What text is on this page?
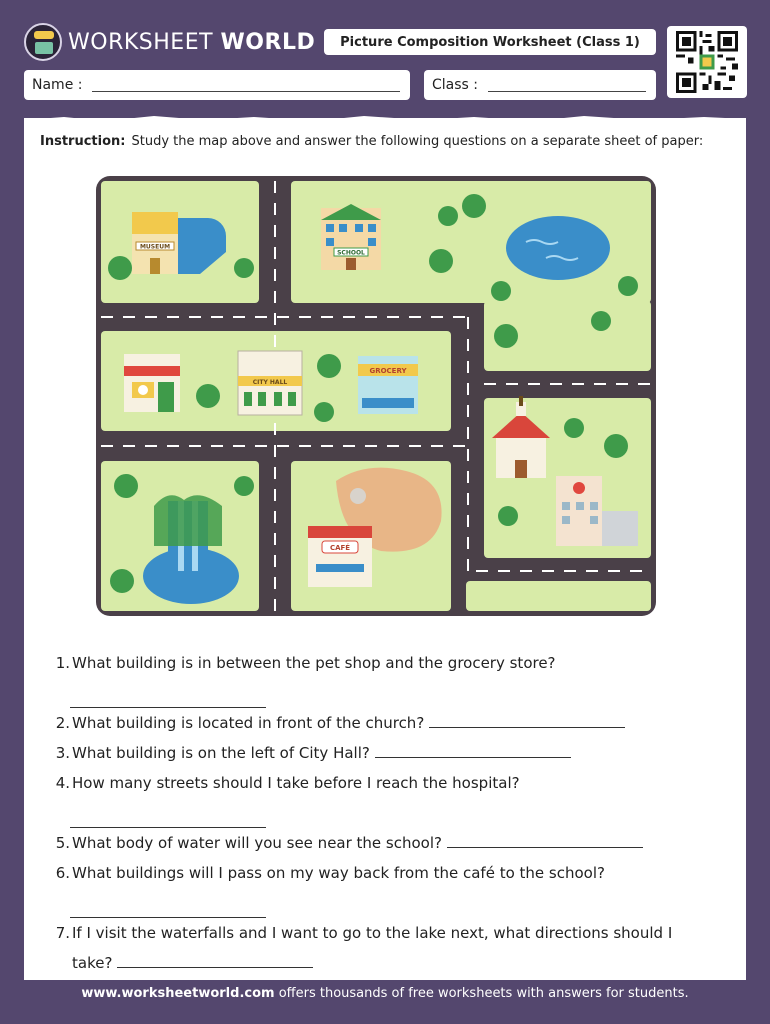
WORKSHEET WORLD	Picture Composition Worksheet (Class 1)
Name :	Class :
Instruction: Study the map above and answer the following questions on a separate sheet of paper:
MUSEUM
SCHOOL
CITY HALL
GROCERY
CAFÉ
1. What building is in between the pet shop and the grocery store?
2. What building is located in front of the church?
3. What building is on the left of City Hall?
4. How many streets should I take before I reach the hospital?
5. What body of water will you see near the school?
6. What buildings will I pass on my way back from the café to the school?
7. If I visit the waterfalls and I want to go to the lake next, what directions should I take?
www.worksheetworld.com offers thousands of free worksheets with answers for students.
